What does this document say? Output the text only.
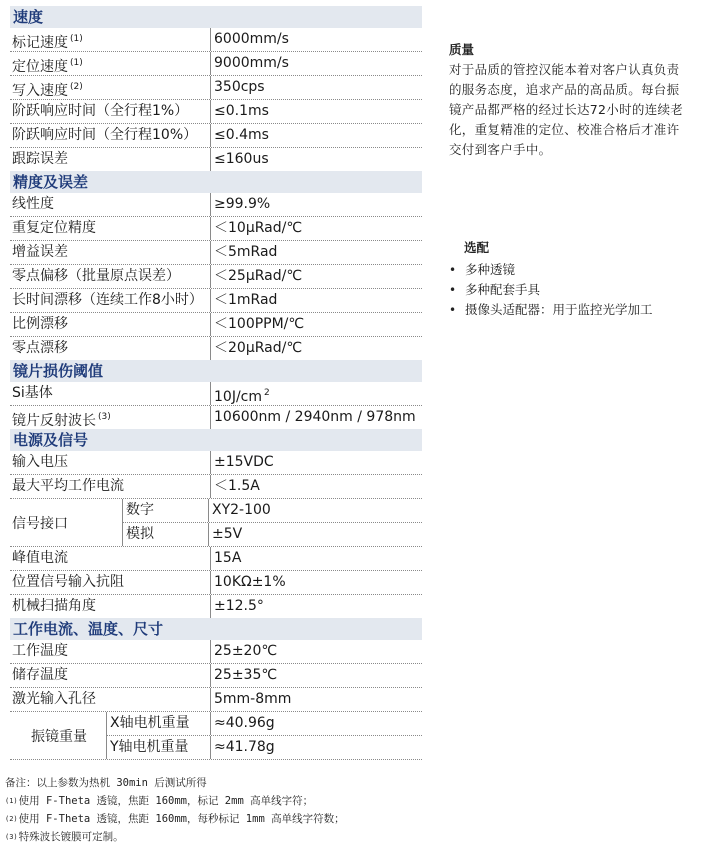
速度
标记速度 $^{(1)}$	6000mm/s
定位速度 $^{(1)}$	9000mm/s
写入速度 $^{(2)}$	350cps
阶跃响应时间（全行程1%）	≤0.1ms
阶跃响应时间（全行程10%）	≤0.4ms
跟踪误差	≤160us
精度及误差
线性度	≥99.9%
重复定位精度	＜10μRad/℃
增益误差	＜5mRad
零点偏移（批量原点误差）	＜25μRad/℃
长时间漂移（连续工作8小时） ＜1mRad
比例漂移	＜100PPM/℃
零点漂移	＜20μRad/℃
镜片损伤阈值
Si基体	10J/cm $^2$
镜片反射波长 $^{(3)}$	10600nm / 2940nm / 978nm
电源及信号
输入电压	±15VDC
最大平均工作电流	＜1.5A
信号接口
数字	XY2-100
模拟	±5V
峰值电流	15A
位置信号输入抗阻	10KΩ±1%
机械扫描角度	±12.5°
工作电流、温度、尺寸
工作温度	25±20℃
储存温度	25±35℃
激光输入孔径	5mm-8mm
振镜重量
X轴电机重量	≈40.96g
Y轴电机重量	≈41.78g
备注：以上参数为热机 30min 后测试所得
(1)使用 F-Theta 透镜，焦距 160mm，标记 2mm 高单线字符；
(2)使用 F-Theta 透镜，焦距 160mm，每秒标记 1mm 高单线字符数；
(3)特殊波长镀膜可定制。
质量
对于品质的管控汉能本着对客户认真负责的服务态度，追求产品的高品质。每台振镜产品都严格的经过长达72小时的连续老化，重复精准的定位、校准合格后才准许交付到客户手中。
选配
• 多种透镜
• 多种配套手具
• 摄像头适配器：用于监控光学加工
